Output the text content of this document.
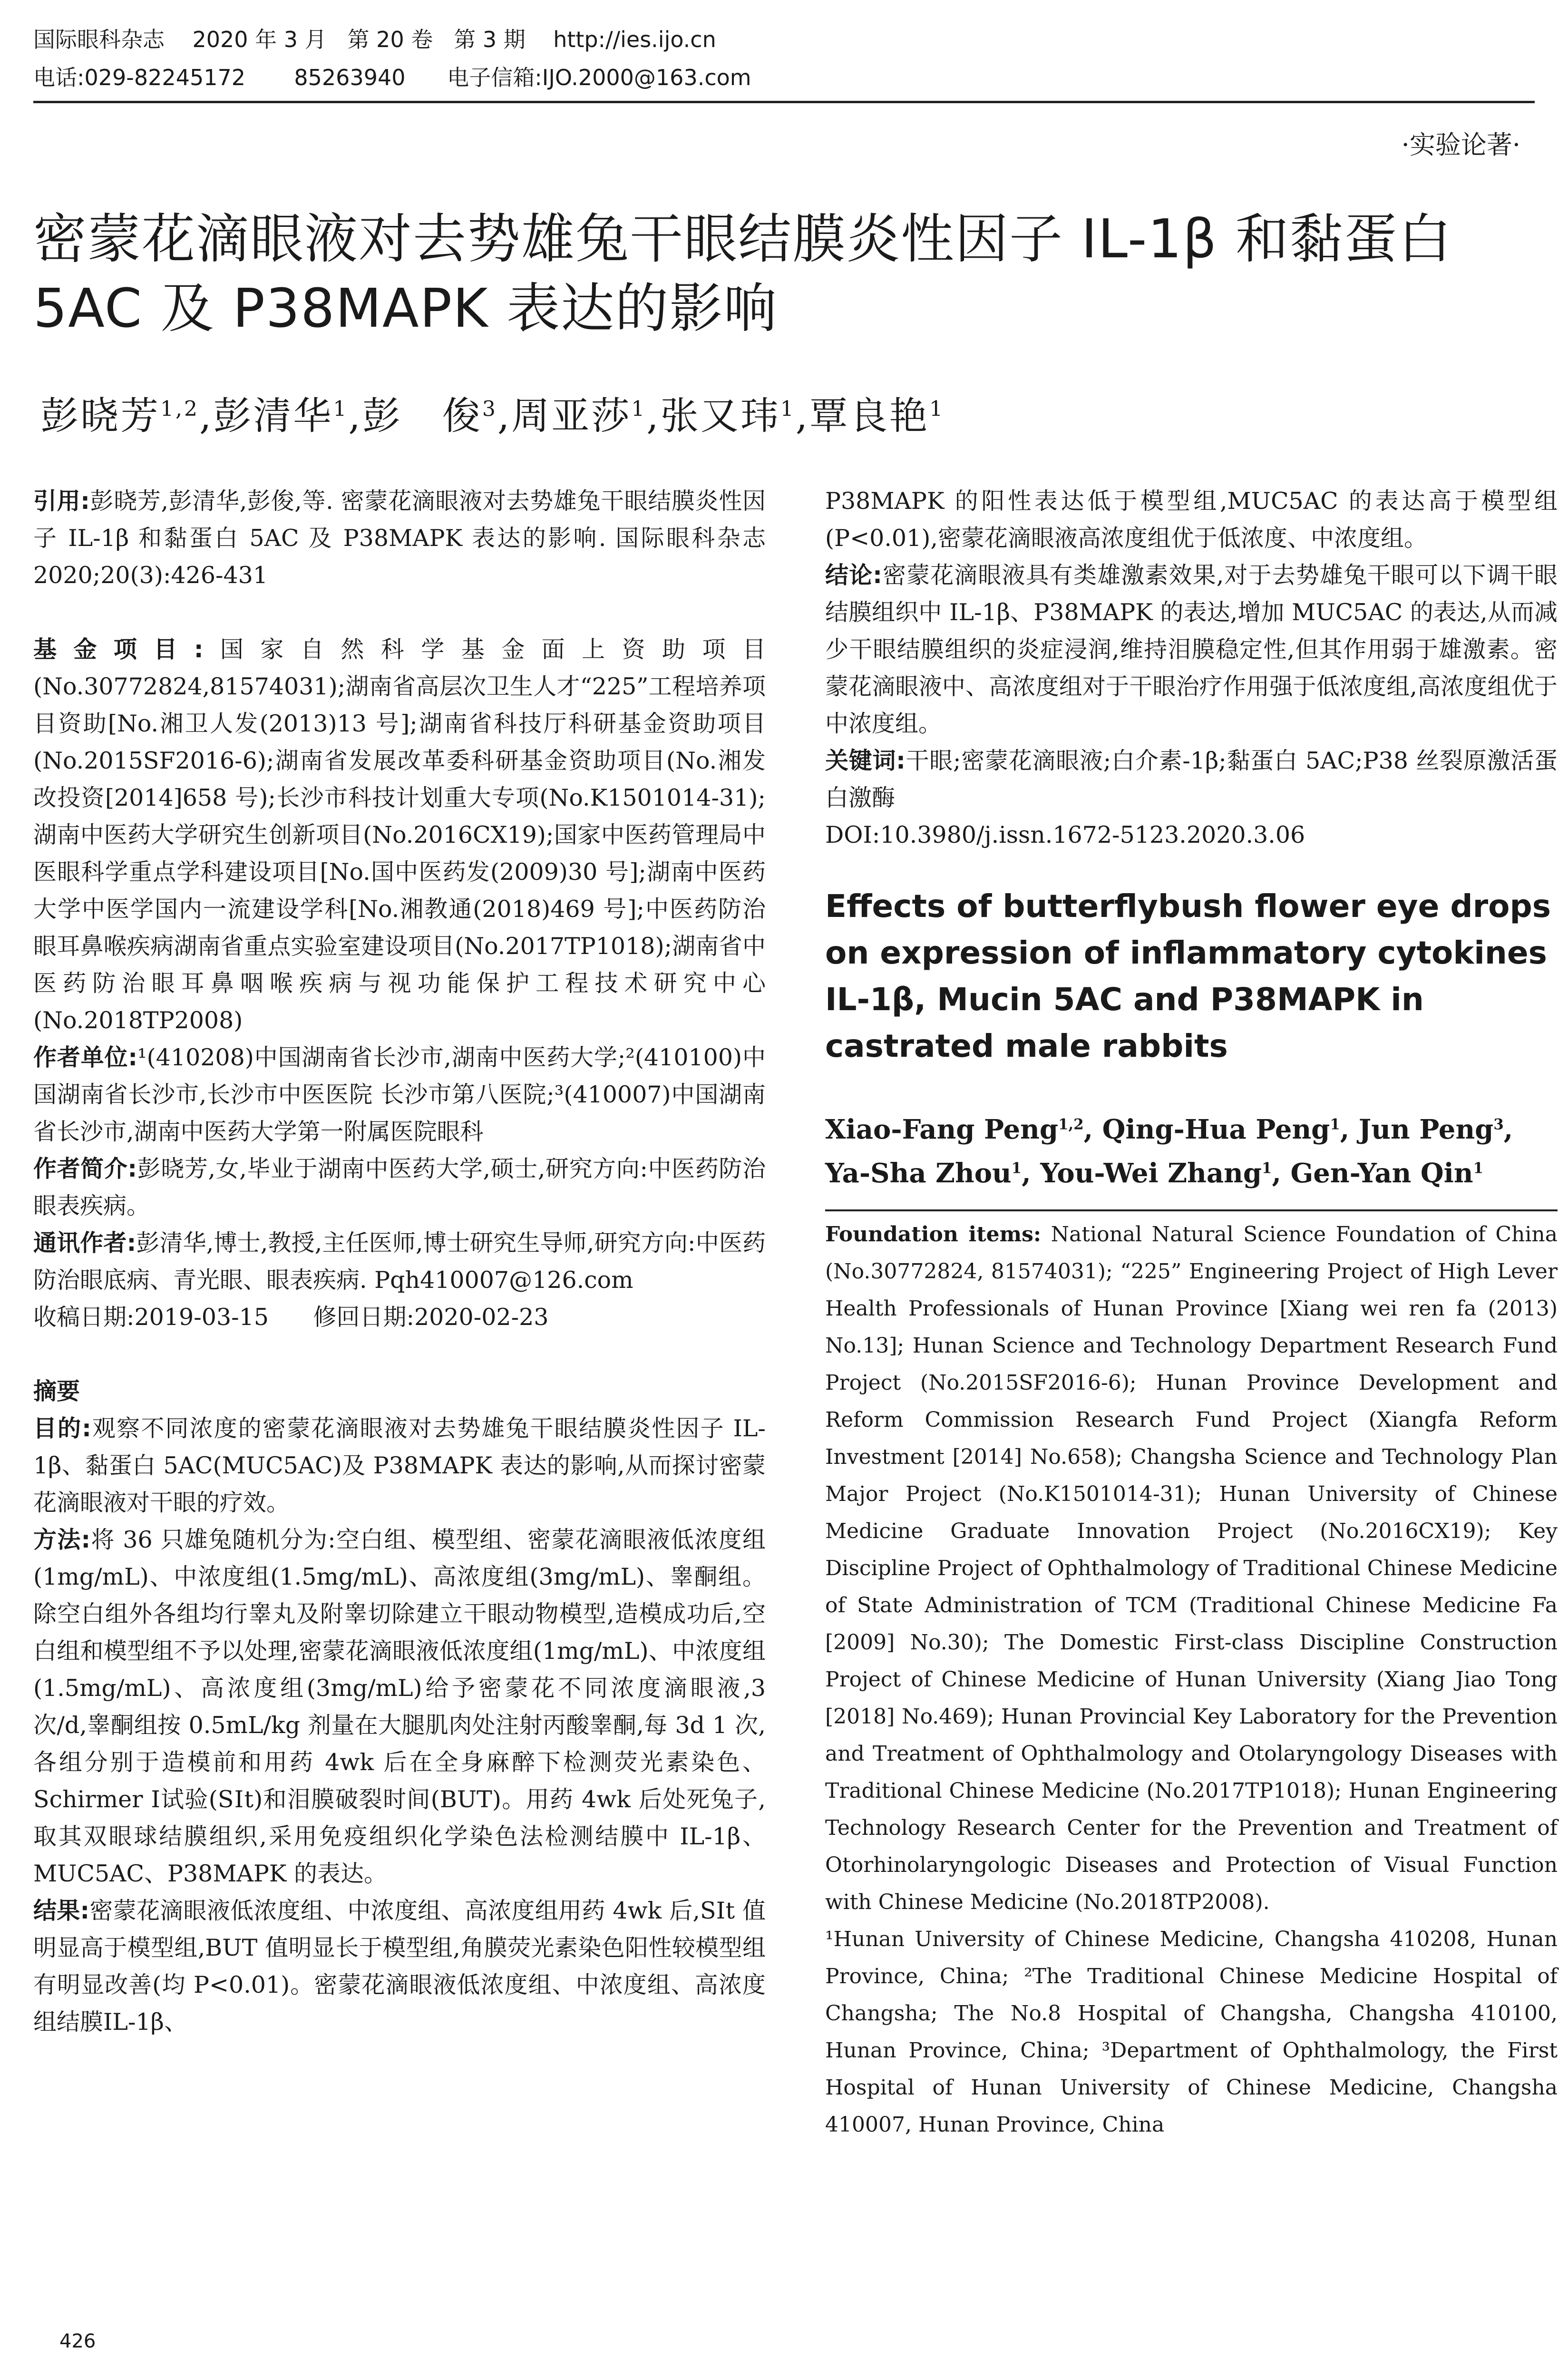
国际眼科杂志    2020 年 3 月   第 20 卷   第 3 期    http://ies.ijo.cn
电话:029-82245172       85263940      电子信箱:IJO.2000@163.com
·实验论著·
密蒙花滴眼液对去势雄兔干眼结膜炎性因子 IL-1β 和黏蛋白 5AC 及 P38MAPK 表达的影响
彭晓芳$^{1,2}$,彭清华$^1$,彭　俊$^3$,周亚莎$^1$,张又玮$^1$,覃良艳$^1$

引用:彭晓芳,彭清华,彭俊,等. 密蒙花滴眼液对去势雄兔干眼结膜炎性因子 IL-1β 和黏蛋白 5AC 及 P38MAPK 表达的影响. 国际眼科杂志 2020;20(3):426-431

基金项目:国家自然科学基金面上资助项目(No.30772824,81574031);湖南省高层次卫生人才“225”工程培养项目资助[No.湘卫人发(2013)13 号];湖南省科技厅科研基金资助项目(No.2015SF2016-6);湖南省发展改革委科研基金资助项目(No.湘发改投资[2014]658 号);长沙市科技计划重大专项(No.K1501014-31);湖南中医药大学研究生创新项目(No.2016CX19);国家中医药管理局中医眼科学重点学科建设项目[No.国中医药发(2009)30 号];湖南中医药大学中医学国内一流建设学科[No.湘教通(2018)469 号];中医药防治眼耳鼻喉疾病湖南省重点实验室建设项目(No.2017TP1018);湖南省中医药防治眼耳鼻咽喉疾病与视功能保护工程技术研究中心(No.2018TP2008)

作者单位:¹(410208)中国湖南省长沙市,湖南中医药大学;²(410100)中国湖南省长沙市,长沙市中医医院 长沙市第八医院;³(410007)中国湖南省长沙市,湖南中医药大学第一附属医院眼科

作者简介:彭晓芳,女,毕业于湖南中医药大学,硕士,研究方向:中医药防治眼表疾病。

通讯作者:彭清华,博士,教授,主任医师,博士研究生导师,研究方向:中医药防治眼底病、青光眼、眼表疾病. Pqh410007@126.com

收稿日期:2019-03-15      修回日期:2020-02-23

摘要

目的:观察不同浓度的密蒙花滴眼液对去势雄兔干眼结膜炎性因子 IL-1β、黏蛋白 5AC(MUC5AC)及 P38MAPK 表达的影响,从而探讨密蒙花滴眼液对干眼的疗效。

方法:将 36 只雄兔随机分为:空白组、模型组、密蒙花滴眼液低浓度组(1mg/mL)、中浓度组(1.5mg/mL)、高浓度组(3mg/mL)、睾酮组。除空白组外各组均行睾丸及附睾切除建立干眼动物模型,造模成功后,空白组和模型组不予以处理,密蒙花滴眼液低浓度组(1mg/mL)、中浓度组(1.5mg/mL)、高浓度组(3mg/mL)给予密蒙花不同浓度滴眼液,3 次/d,睾酮组按 0.5mL/kg 剂量在大腿肌肉处注射丙酸睾酮,每 3d 1 次,各组分别于造模前和用药 4wk 后在全身麻醉下检测荧光素染色、Schirmer Ⅰ试验(SⅠt)和泪膜破裂时间(BUT)。用药 4wk 后处死兔子,取其双眼球结膜组织,采用免疫组织化学染色法检测结膜中 IL-1β、MUC5AC、P38MAPK 的表达。

结果:密蒙花滴眼液低浓度组、中浓度组、高浓度组用药 4wk 后,SⅠt 值明显高于模型组,BUT 值明显长于模型组,角膜荧光素染色阳性较模型组有明显改善(均 P<0.01)。密蒙花滴眼液低浓度组、中浓度组、高浓度组结膜IL-1β、

P38MAPK 的阳性表达低于模型组,MUC5AC 的表达高于模型组(P<0.01),密蒙花滴眼液高浓度组优于低浓度、中浓度组。

结论:密蒙花滴眼液具有类雄激素效果,对于去势雄兔干眼可以下调干眼结膜组织中 IL-1β、P38MAPK 的表达,增加 MUC5AC 的表达,从而减少干眼结膜组织的炎症浸润,维持泪膜稳定性,但其作用弱于雄激素。密蒙花滴眼液中、高浓度组对于干眼治疗作用强于低浓度组,高浓度组优于中浓度组。

关键词:干眼;密蒙花滴眼液;白介素-1β;黏蛋白 5AC;P38 丝裂原激活蛋白激酶

DOI:10.3980/j.issn.1672-5123.2020.3.06

Effects of butterflybush flower eye drops on expression of inflammatory cytokines IL-1β, Mucin 5AC and P38MAPK in castrated male rabbits
Xiao-Fang Peng$^{1,2}$, Qing-Hua Peng$^1$, Jun Peng$^3$, Ya-Sha Zhou$^1$, You-Wei Zhang$^1$, Gen-Yan Qin$^1$

Foundation items: National Natural Science Foundation of China (No.30772824, 81574031); “225” Engineering Project of High Lever Health Professionals of Hunan Province [Xiang wei ren fa (2013) No.13]; Hunan Science and Technology Department Research Fund Project (No.2015SF2016-6); Hunan Province Development and Reform Commission Research Fund Project (Xiangfa Reform Investment [2014] No.658); Changsha Science and Technology Plan Major Project (No.K1501014-31); Hunan University of Chinese Medicine Graduate Innovation Project (No.2016CX19); Key Discipline Project of Ophthalmology of Traditional Chinese Medicine of State Administration of TCM (Traditional Chinese Medicine Fa [2009] No.30); The Domestic First-class Discipline Construction Project of Chinese Medicine of Hunan University (Xiang Jiao Tong [2018] No.469); Hunan Provincial Key Laboratory for the Prevention and Treatment of Ophthalmology and Otolaryngology Diseases with Traditional Chinese Medicine (No.2017TP1018); Hunan Engineering Technology Research Center for the Prevention and Treatment of Otorhinolaryngologic Diseases and Protection of Visual Function with Chinese Medicine (No.2018TP2008).

¹Hunan University of Chinese Medicine, Changsha 410208, Hunan Province, China; ²The Traditional Chinese Medicine Hospital of Changsha; The No.8 Hospital of Changsha, Changsha 410100, Hunan Province, China; ³Department of Ophthalmology, the First Hospital of Hunan University of Chinese Medicine, Changsha 410007, Hunan Province, China

426
